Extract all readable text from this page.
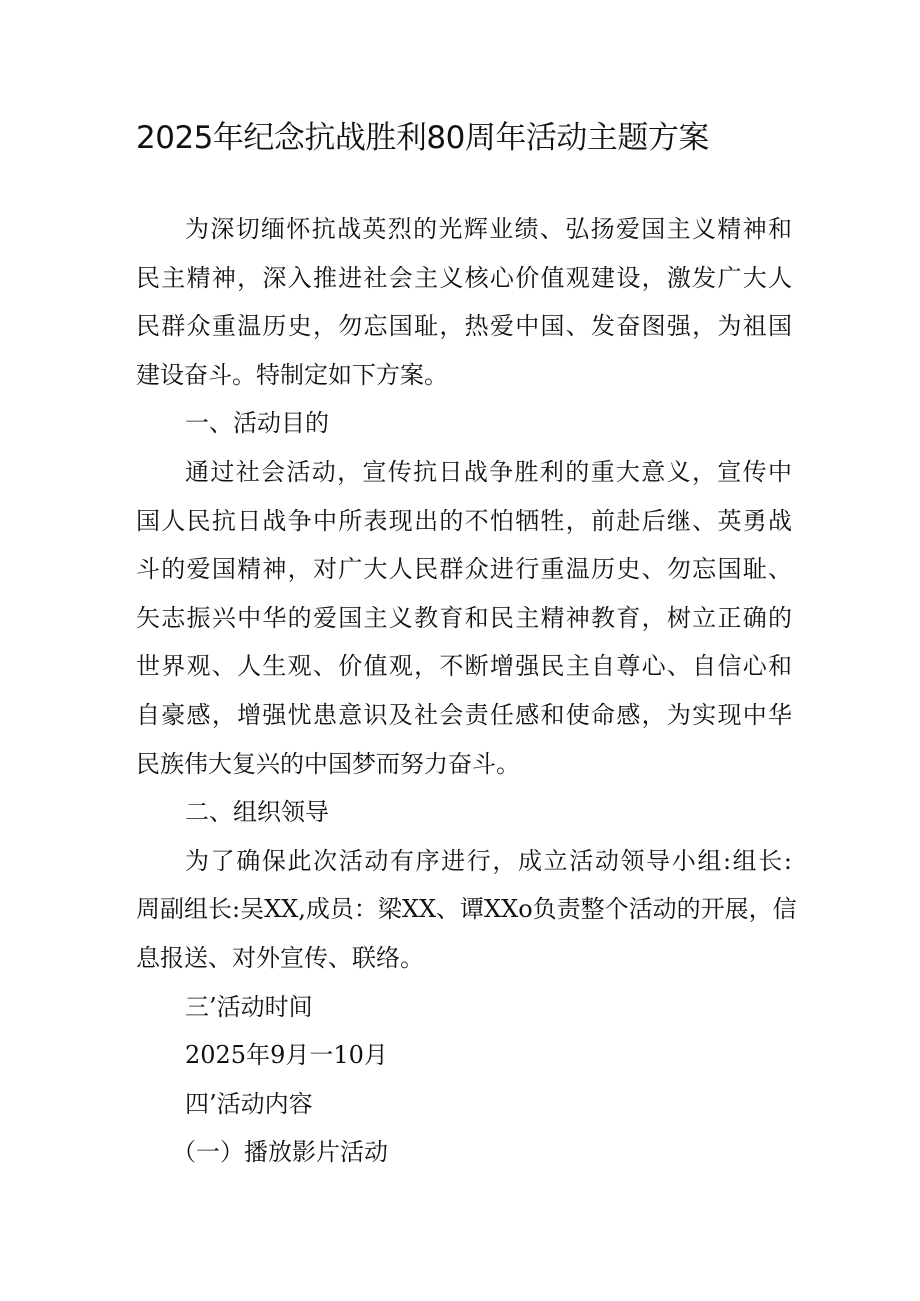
2025年纪念抗战胜利80周年活动主题方案

为深切缅怀抗战英烈的光辉业绩、弘扬爱国主义精神和
民主精神，深入推进社会主义核心价值观建设，激发广大人
民群众重温历史，勿忘国耻，热爱中国、发奋图强，为祖国
建设奋斗。特制定如下方案。

一、活动目的

通过社会活动，宣传抗日战争胜利的重大意义，宣传中
国人民抗日战争中所表现出的不怕牺牲，前赴后继、英勇战
斗的爱国精神，对广大人民群众进行重温历史、勿忘国耻、
矢志振兴中华的爱国主义教育和民主精神教育，树立正确的
世界观、人生观、价值观，不断增强民主自尊心、自信心和
自豪感，增强忧患意识及社会责任感和使命感，为实现中华
民族伟大复兴的中国梦而努力奋斗。

二、组织领导

为了确保此次活动有序进行，成立活动领导小组:组长:
周副组长:吴XX,成员：梁XX、谭XXo负责整个活动的开展，信
息报送、对外宣传、联络。

三’活动时间

2025年9月一10月

四’活动内容

（一）播放影片活动
